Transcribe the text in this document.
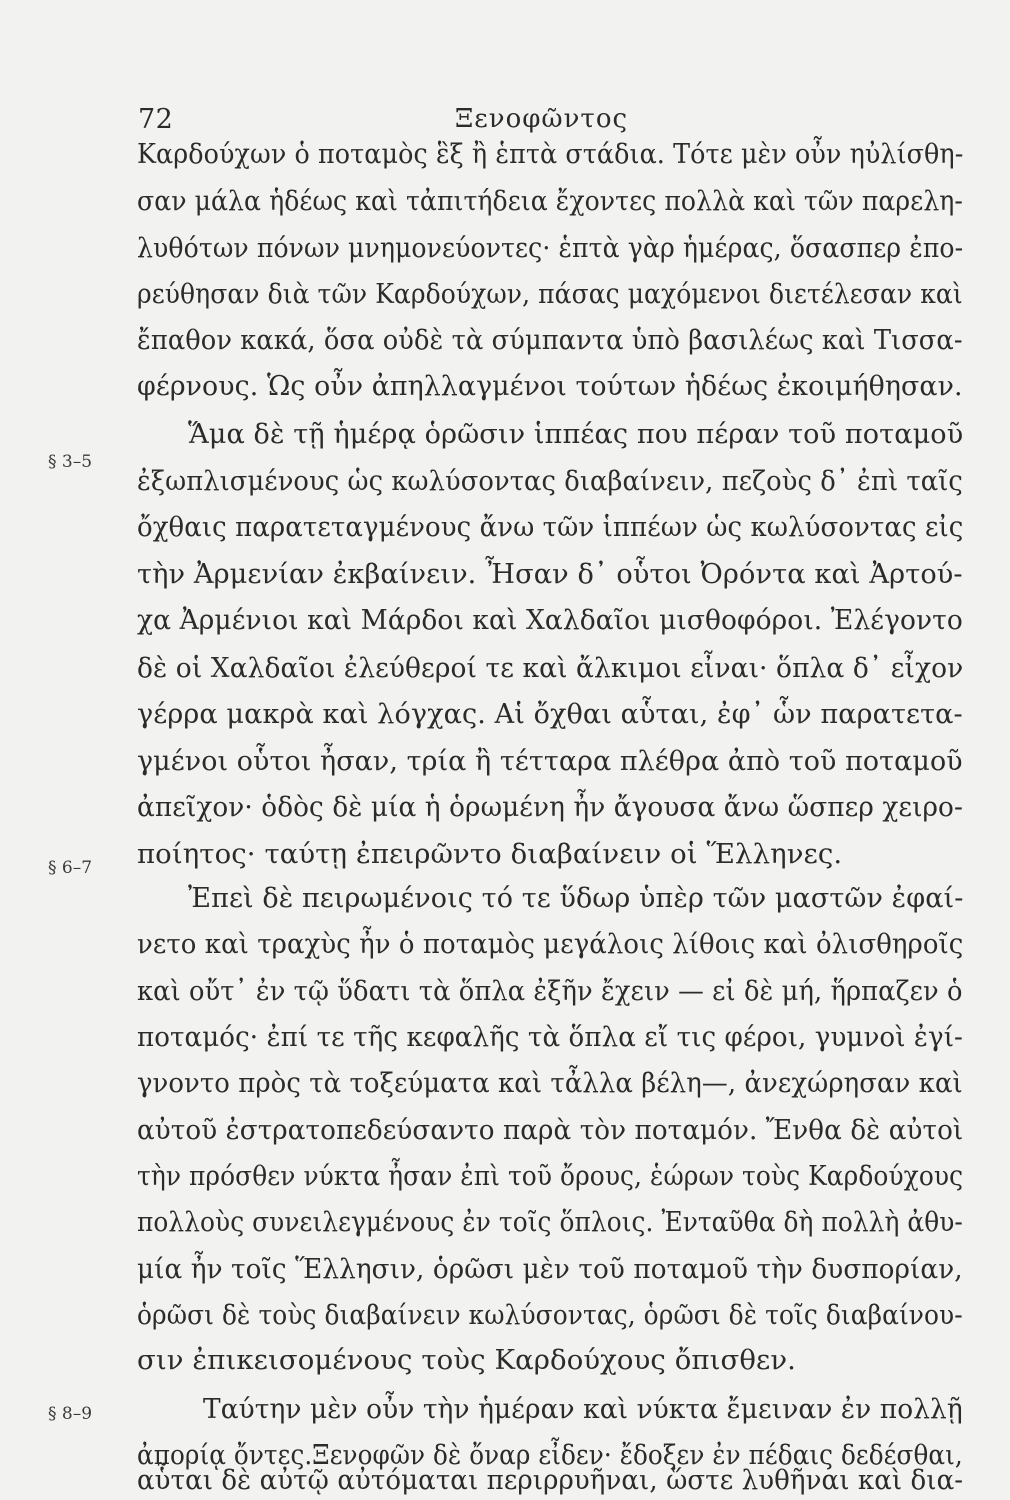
72	Ξενοφῶντος
Καρδούχων ὁ ποταμὸς ἓξ ἢ ἑπτὰ στάδια. Τότε μὲν οὖν ηὐλίσθη-
σαν μάλα ἡδέως καὶ τἀπιτήδεια ἔχοντες πολλὰ καὶ τῶν παρελη-
λυθότων πόνων μνημονεύοντες· ἑπτὰ γὰρ ἡμέρας, ὅσασπερ ἐπο-
ρεύθησαν διὰ τῶν Καρδούχων, πάσας μαχόμενοι διετέλεσαν καὶ
ἔπαθον κακά, ὅσα οὐδὲ τὰ σύμπαντα ὑπὸ βασιλέως καὶ Τισσα-
φέρνους. Ὡς οὖν ἀπηλλαγμένοι τούτων ἡδέως ἐκοιμήθησαν.
§ 3–5
Ἅμα δὲ τῇ ἡμέρᾳ ὁρῶσιν ἱππέας που πέραν τοῦ ποταμοῦ
ἐξωπλισμένους ὡς κωλύσοντας διαβαίνειν, πεζοὺς δ᾽ ἐπὶ ταῖς
ὄχθαις παρατεταγμένους ἄνω τῶν ἱππέων ὡς κωλύσοντας εἰς
τὴν Ἀρμενίαν ἐκβαίνειν. Ἦσαν δ᾽ οὗτοι Ὀρόντα καὶ Ἀρτού-
χα Ἀρμένιοι καὶ Μάρδοι καὶ Χαλδαῖοι μισθοφόροι. Ἐλέγοντο
δὲ οἱ Χαλδαῖοι ἐλεύθεροί τε καὶ ἄλκιμοι εἶναι· ὅπλα δ᾽ εἶχον
γέρρα μακρὰ καὶ λόγχας. Αἱ ὄχθαι αὗται, ἐφ᾽ ὧν παρατετα-
γμένοι οὗτοι ἦσαν, τρία ἢ τέτταρα πλέθρα ἀπὸ τοῦ ποταμοῦ
ἀπεῖχον· ὁδὸς δὲ μία ἡ ὁρωμένη ἦν ἄγουσα ἄνω ὥσπερ χειρο-
ποίητος· ταύτῃ ἐπειρῶντο διαβαίνειν οἱ Ἕλληνες.
§ 6–7
Ἐπεὶ δὲ πειρωμένοις τό τε ὕδωρ ὑπὲρ τῶν μαστῶν ἐφαί-
νετο καὶ τραχὺς ἦν ὁ ποταμὸς μεγάλοις λίθοις καὶ ὀλισθηροῖς
καὶ οὔτ᾽ ἐν τῷ ὕδατι τὰ ὅπλα ἐξῆν ἔχειν — εἰ δὲ μή, ἥρπαζεν ὁ
ποταμός· ἐπί τε τῆς κεφαλῆς τὰ ὅπλα εἴ τις φέροι, γυμνοὶ ἐγί-
γνοντο πρὸς τὰ τοξεύματα καὶ τἆλλα βέλη—, ἀνεχώρησαν καὶ
αὐτοῦ ἐστρατοπεδεύσαντο παρὰ τὸν ποταμόν. Ἔνθα δὲ αὐτοὶ
τὴν πρόσθεν νύκτα ἦσαν ἐπὶ τοῦ ὄρους, ἑώρων τοὺς Καρδούχους
πολλοὺς συνειλεγμένους ἐν τοῖς ὅπλοις. Ἐνταῦθα δὴ πολλὴ ἀθυ-
μία ἦν τοῖς Ἕλλησιν, ὁρῶσι μὲν τοῦ ποταμοῦ τὴν δυσπορίαν,
ὁρῶσι δὲ τοὺς διαβαίνειν κωλύσοντας, ὁρῶσι δὲ τοῖς διαβαίνου-
σιν ἐπικεισομένους τοὺς Καρδούχους ὄπισθεν.
§ 8–9	Ταύτην μὲν οὖν τὴν ἡμέραν καὶ νύκτα ἔμειναν ἐν πολλῇ
ἀπορίᾳ ὄντες.Ξενοφῶν δὲ ὄναρ εἶδεν· ἔδοξεν ἐν πέδαις δεδέσθαι,
αὗται δὲ αὐτῷ αὐτόμαται περιρρυῆναι, ὥστε λυθῆναι καὶ δια-
